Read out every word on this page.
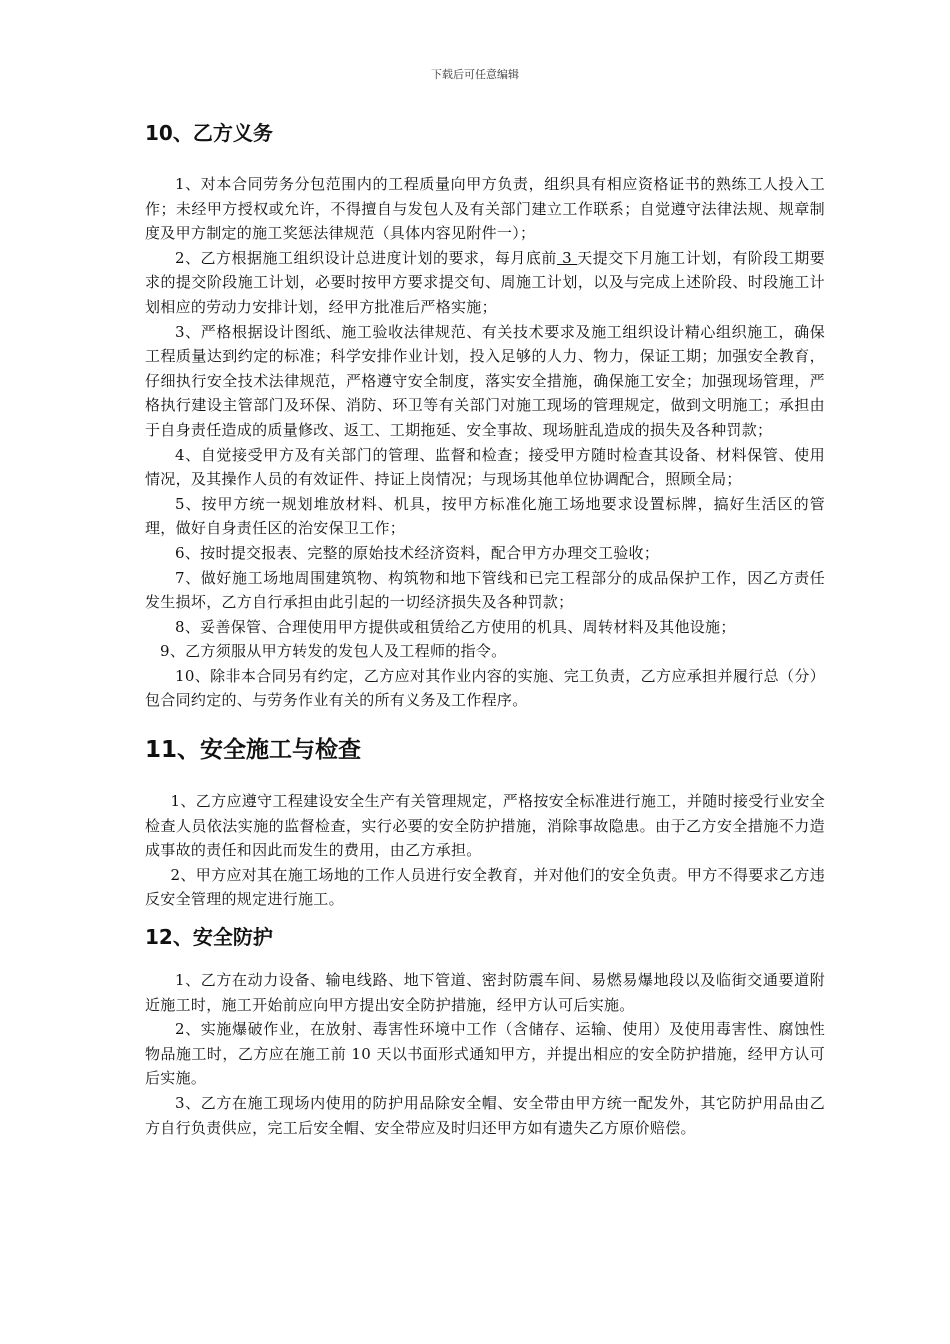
下载后可任意编辑
10、乙方义务

1、对本合同劳务分包范围内的工程质量向甲方负责，组织具有相应资格证书的熟练工人投入工作；未经甲方授权或允许，不得擅自与发包人及有关部门建立工作联系；自觉遵守法律法规、规章制度及甲方制定的施工奖惩法律规范（具体内容见附件一）；

2、乙方根据施工组织设计总进度计划的要求，每月底前 3 天提交下月施工计划，有阶段工期要求的提交阶段施工计划，必要时按甲方要求提交旬、周施工计划，以及与完成上述阶段、时段施工计划相应的劳动力安排计划，经甲方批准后严格实施；

3、严格根据设计图纸、施工验收法律规范、有关技术要求及施工组织设计精心组织施工，确保工程质量达到约定的标准；科学安排作业计划，投入足够的人力、物力，保证工期；加强安全教育，仔细执行安全技术法律规范，严格遵守安全制度，落实安全措施，确保施工安全；加强现场管理，严格执行建设主管部门及环保、消防、环卫等有关部门对施工现场的管理规定，做到文明施工；承担由于自身责任造成的质量修改、返工、工期拖延、安全事故、现场脏乱造成的损失及各种罚款；

4、自觉接受甲方及有关部门的管理、监督和检查；接受甲方随时检查其设备、材料保管、使用情况，及其操作人员的有效证件、持证上岗情况；与现场其他单位协调配合，照顾全局；

5、按甲方统一规划堆放材料、机具，按甲方标准化施工场地要求设置标牌，搞好生活区的管理，做好自身责任区的治安保卫工作；

6、按时提交报表、完整的原始技术经济资料，配合甲方办理交工验收；

7、做好施工场地周围建筑物、构筑物和地下管线和已完工程部分的成品保护工作，因乙方责任发生损坏，乙方自行承担由此引起的一切经济损失及各种罚款；

8、妥善保管、合理使用甲方提供或租赁给乙方使用的机具、周转材料及其他设施；

9、乙方须服从甲方转发的发包人及工程师的指令。

10、除非本合同另有约定，乙方应对其作业内容的实施、完工负责，乙方应承担并履行总（分）包合同约定的、与劳务作业有关的所有义务及工作程序。

11、安全施工与检查

1、乙方应遵守工程建设安全生产有关管理规定，严格按安全标准进行施工，并随时接受行业安全检查人员依法实施的监督检查，实行必要的安全防护措施，消除事故隐患。由于乙方安全措施不力造成事故的责任和因此而发生的费用，由乙方承担。

2、甲方应对其在施工场地的工作人员进行安全教育，并对他们的安全负责。甲方不得要求乙方违反安全管理的规定进行施工。

12、安全防护

1、乙方在动力设备、输电线路、地下管道、密封防震车间、易燃易爆地段以及临街交通要道附近施工时，施工开始前应向甲方提出安全防护措施，经甲方认可后实施。

2、实施爆破作业，在放射、毒害性环境中工作（含储存、运输、使用）及使用毒害性、腐蚀性物品施工时，乙方应在施工前 10 天以书面形式通知甲方，并提出相应的安全防护措施，经甲方认可后实施。

3、乙方在施工现场内使用的防护用品除安全帽、安全带由甲方统一配发外，其它防护用品由乙方自行负责供应，完工后安全帽、安全带应及时归还甲方如有遗失乙方原价赔偿。
